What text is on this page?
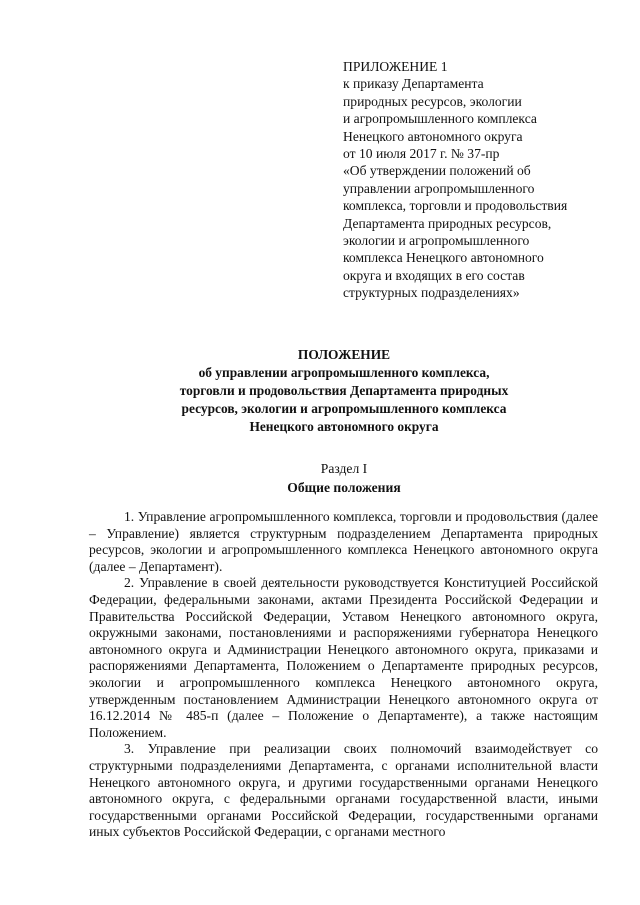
ПРИЛОЖЕНИЕ 1
к приказу Департамента
природных ресурсов, экологии
и агропромышленного комплекса
Ненецкого автономного округа
от 10 июля 2017 г. № 37-пр
«Об утверждении положений об
управлении агропромышленного
комплекса, торговли и продовольствия
Департамента природных ресурсов,
экологии и агропромышленного
комплекса Ненецкого автономного
округа и входящих в его состав
структурных подразделениях»
ПОЛОЖЕНИЕ
об управлении агропромышленного комплекса,
торговли и продовольствия Департамента природных
ресурсов, экологии и агропромышленного комплекса
Ненецкого автономного округа
Раздел I
Общие положения

1. Управление агропромышленного комплекса, торговли и продовольствия (далее – Управление) является структурным подразделением Департамента природных ресурсов, экологии и агропромышленного комплекса Ненецкого автономного округа (далее – Департамент).

2. Управление в своей деятельности руководствуется Конституцией Российской Федерации, федеральными законами, актами Президента Российской Федерации и Правительства Российской Федерации, Уставом Ненецкого автономного округа, окружными законами, постановлениями и распоряжениями губернатора Ненецкого автономного округа и Администрации Ненецкого автономного округа, приказами и распоряжениями Департамента, Положением о Департаменте природных ресурсов, экологии и агропромышленного комплекса Ненецкого автономного округа, утвержденным постановлением Администрации Ненецкого автономного округа от 16.12.2014 № 485-п (далее – Положение о Департаменте), а также настоящим Положением.

3. Управление при реализации своих полномочий взаимодействует со структурными подразделениями Департамента, с органами исполнительной власти Ненецкого автономного округа, и другими государственными органами Ненецкого автономного округа, с федеральными органами государственной власти, иными государственными органами Российской Федерации, государственными органами иных субъектов Российской Федерации, с органами местного
